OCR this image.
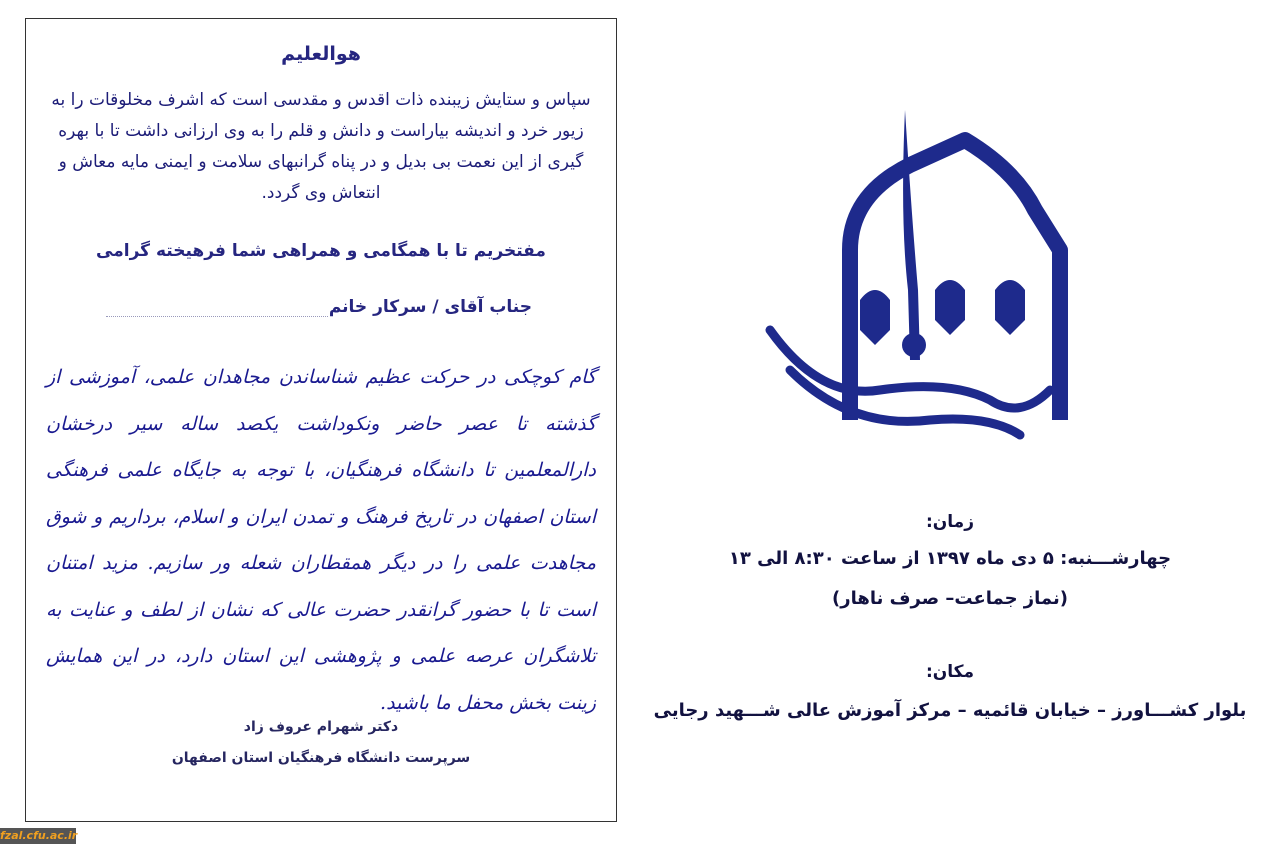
هوالعلیم
سپاس و ستایش زیبنده ذات اقدس و مقدسی است که اشرف مخلوقات را به زیور خرد و اندیشه بیاراست و دانش و قلم را به وی ارزانی داشت تا با بهره گیری از این نعمت بی بدیل و در پناه گرانبهای سلامت و ایمنی مایه معاش و انتعاش وی گردد.
مفتخریم تا با همگامی و همراهی شما فرهیخته گرامی
جناب آقای / سرکار خانم
گام کوچکی در حرکت عظیم شناساندن مجاهدان علمی، آموزشی از گذشته تا عصر حاضر ونکوداشت یکصد ساله سیر درخشان دارالمعلمین تا دانشگاه فرهنگیان، با توجه به جایگاه علمی فرهنگی استان اصفهان در تاریخ فرهنگ و تمدن ایران و اسلام، برداریم و شوق مجاهدت علمی را در دیگر همقطاران شعله ور سازیم. مزید امتنان است تا با حضور گرانقدر حضرت عالی که نشان از لطف و عنایت به تلاشگران عرصه علمی و پژوهشی این استان دارد، در این همایش زینت بخش محفل ما باشید.
دکتر شهرام عروف زاد
سرپرست دانشگاه فرهنگیان استان اصفهان
زمان:
چهارشـــنبه: ۵ دی ماه ۱۳۹۷ از ساعت ۸:۳۰ الی ۱۳
(نماز جماعت– صرف ناهار)
مکان:
بلوار کشـــاورز – خیابان قائمیه – مرکز آموزش عالی شـــهید رجایی
fzal.cfu.ac.ir
